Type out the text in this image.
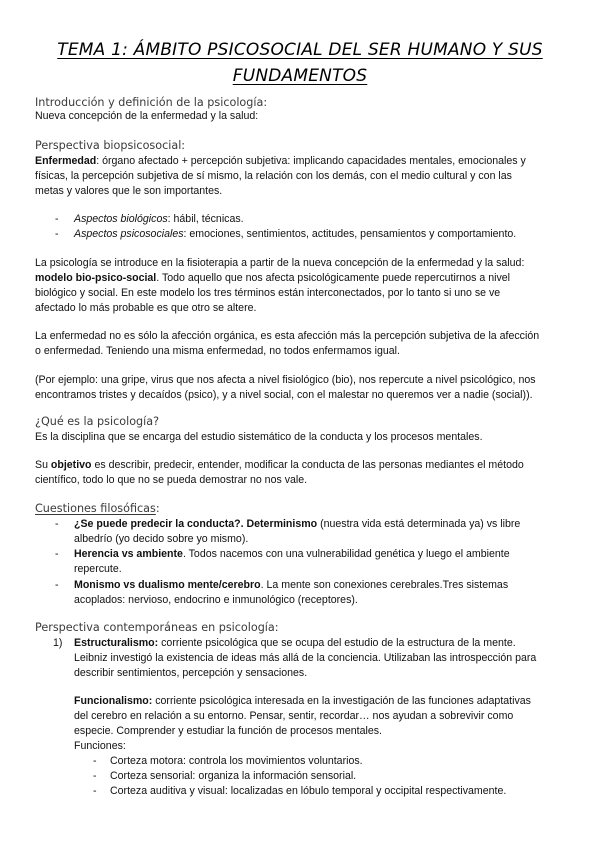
TEMA 1: ÁMBITO PSICOSOCIAL DEL SER HUMANO Y SUS
FUNDAMENTOS
Introducción y definición de la psicología:
Nueva concepción de la enfermedad y la salud:
Perspectiva biopsicosocial:
Enfermedad: órgano afectado + percepción subjetiva: implicando capacidades mentales, emocionales y
físicas, la percepción subjetiva de sí mismo, la relación con los demás, con el medio cultural y con las
metas y valores que le son importantes.
- Aspectos biológicos: hábil, técnicas.
- Aspectos psicosociales: emociones, sentimientos, actitudes, pensamientos y comportamiento.
La psicología se introduce en la fisioterapia a partir de la nueva concepción de la enfermedad y la salud:
modelo bio-psico-social. Todo aquello que nos afecta psicológicamente puede repercutirnos a nivel
biológico y social. En este modelo los tres términos están interconectados, por lo tanto si uno se ve
afectado lo más probable es que otro se altere.
La enfermedad no es sólo la afección orgánica, es esta afección más la percepción subjetiva de la afección
o enfermedad. Teniendo una misma enfermedad, no todos enfermamos igual.
(Por ejemplo: una gripe, virus que nos afecta a nivel fisiológico (bio), nos repercute a nivel psicológico, nos
encontramos tristes y decaídos (psico), y a nivel social, con el malestar no queremos ver a nadie (social)).
¿Qué es la psicología?
Es la disciplina que se encarga del estudio sistemático de la conducta y los procesos mentales.
Su objetivo es describir, predecir, entender, modificar la conducta de las personas mediantes el método
científico, todo lo que no se pueda demostrar no nos vale.
Cuestiones filosóficas:
- ¿Se puede predecir la conducta?. Determinismo (nuestra vida está determinada ya) vs libre
albedrío (yo decido sobre yo mismo).
- Herencia vs ambiente. Todos nacemos con una vulnerabilidad genética y luego el ambiente
repercute.
- Monismo vs dualismo mente/cerebro. La mente son conexiones cerebrales.Tres sistemas
acoplados: nervioso, endocrino e inmunológico (receptores).
Perspectiva contemporáneas en psicología:
1) Estructuralismo: corriente psicológica que se ocupa del estudio de la estructura de la mente.
Leibniz investigó la existencia de ideas más allá de la conciencia. Utilizaban las introspección para
describir sentimientos, percepción y sensaciones.
Funcionalismo: corriente psicológica interesada en la investigación de las funciones adaptativas
del cerebro en relación a su entorno. Pensar, sentir, recordar… nos ayudan a sobrevivir como
especie. Comprender y estudiar la función de procesos mentales.
Funciones:
- Corteza motora: controla los movimientos voluntarios.
- Corteza sensorial: organiza la información sensorial.
- Corteza auditiva y visual: localizadas en lóbulo temporal y occipital respectivamente.
